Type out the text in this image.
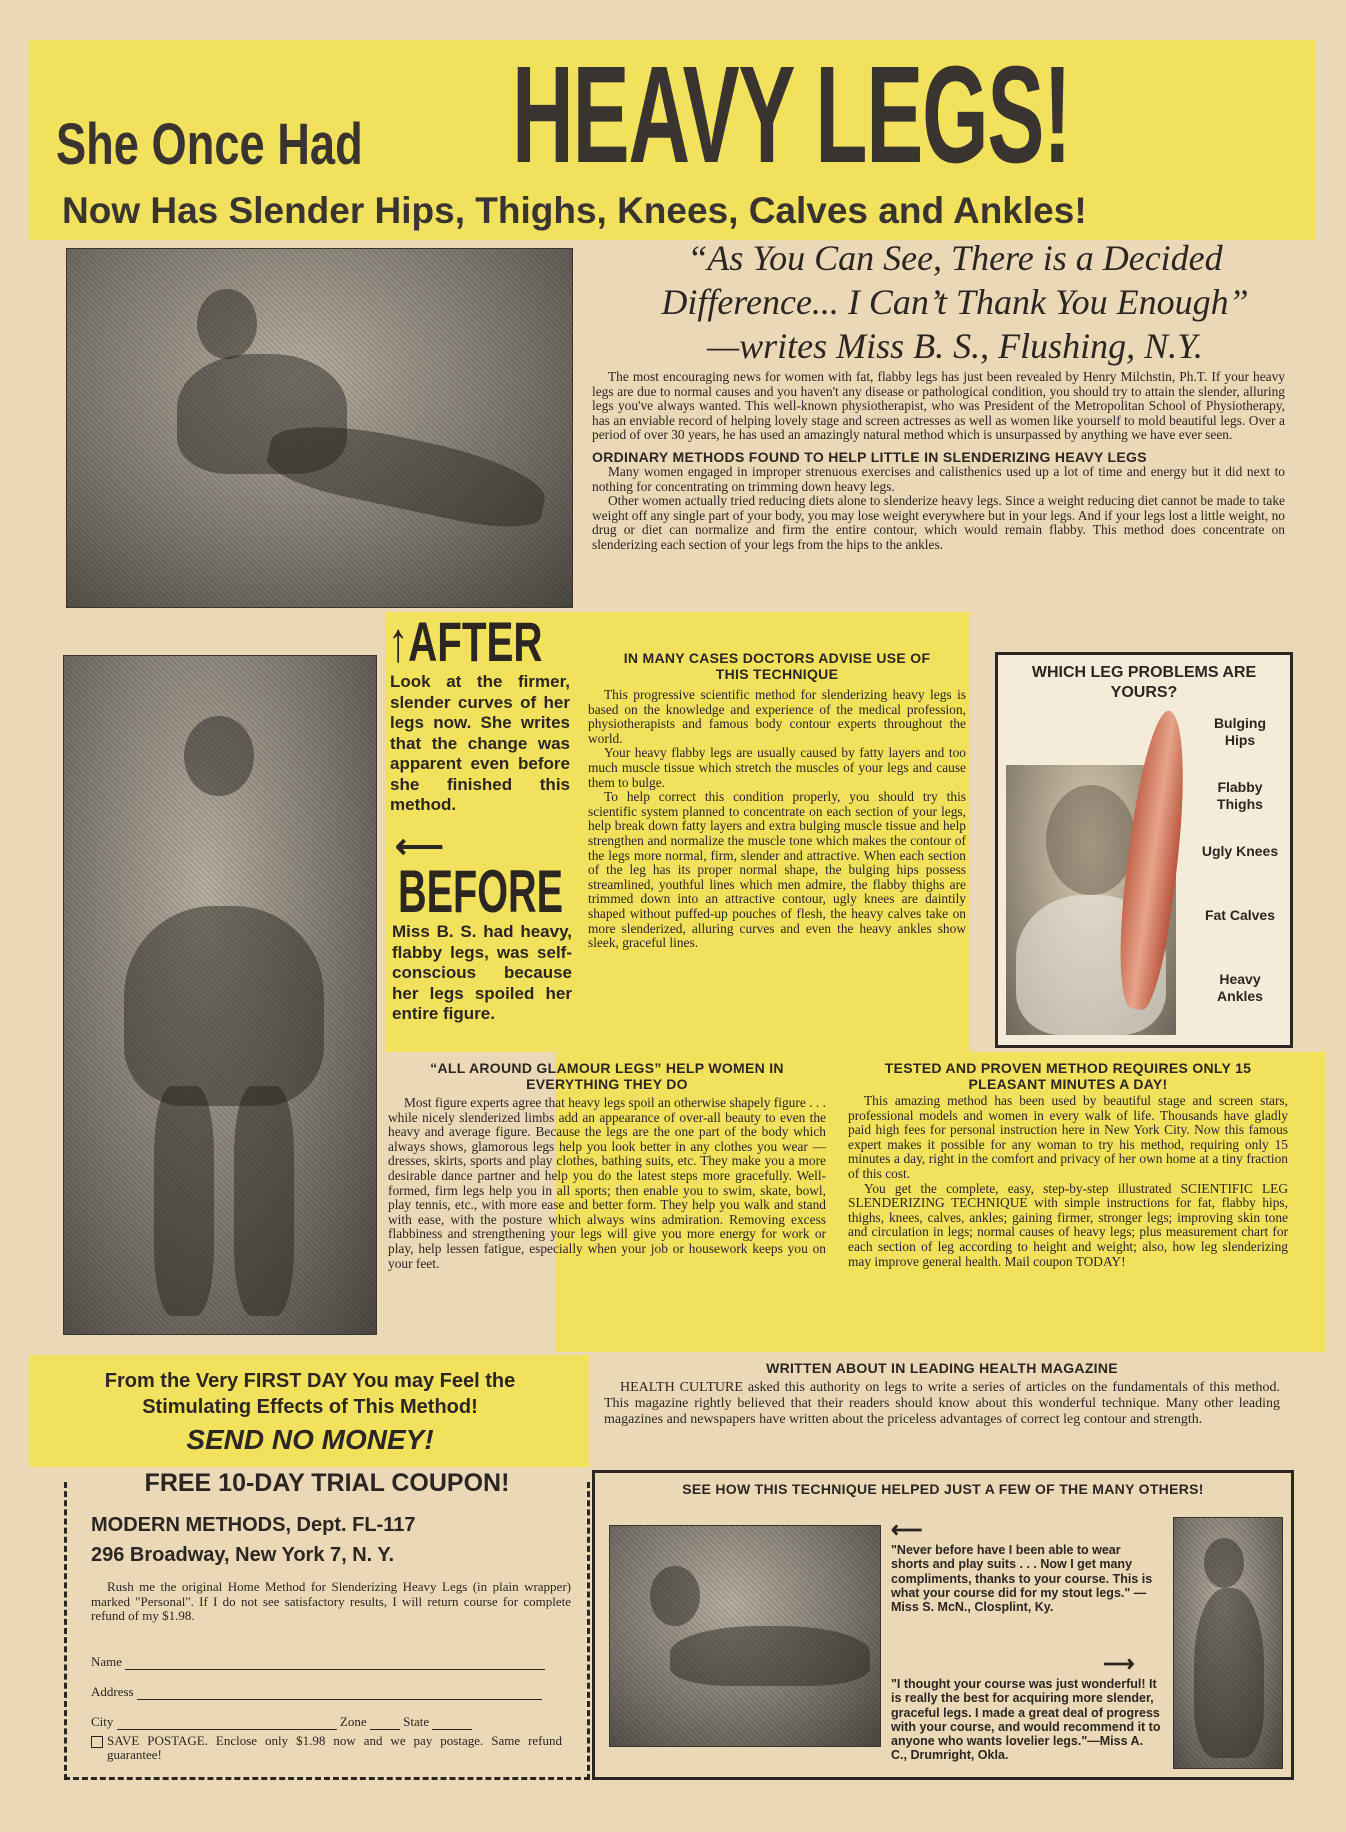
She Once Had HEAVY LEGS!
Now Has Slender Hips, Thighs, Knees, Calves and Ankles!
“As You Can See, There is a Decided
Difference... I Can’t Thank You Enough”
—writes Miss B. S., Flushing, N.Y.

The most encouraging news for women with fat, flabby legs has just been revealed by Henry Milchstin, Ph.T. If your heavy legs are due to normal causes and you haven't any disease or pathological condition, you should try to attain the slender, alluring legs you've always wanted. This well-known physiotherapist, who was President of the Metropolitan School of Physiotherapy, has an enviable record of helping lovely stage and screen actresses as well as women like yourself to mold beautiful legs. Over a period of over 30 years, he has used an amazingly natural method which is unsurpassed by anything we have ever seen.

ORDINARY METHODS FOUND TO HELP LITTLE IN SLENDERIZING HEAVY LEGS

Many women engaged in improper strenuous exercises and calisthenics used up a lot of time and energy but it did next to nothing for concentrating on trimming down heavy legs.

Other women actually tried reducing diets alone to slenderize heavy legs. Since a weight reducing diet cannot be made to take weight off any single part of your body, you may lose weight everywhere but in your legs. And if your legs lost a little weight, no drug or diet can normalize and firm the entire contour, which would remain flabby. This method does concentrate on slenderizing each section of your legs from the hips to the ankles.

↑AFTER
Look at the firmer, slender curves of her legs now. She writes that the change was apparent even before she finished this method.
⟵
BEFORE
Miss B. S. had heavy, flabby legs, was self-conscious because her legs spoiled her entire figure.

IN MANY CASES DOCTORS ADVISE USE OF THIS TECHNIQUE

This progressive scientific method for slenderizing heavy legs is based on the knowledge and experience of the medical profession, physiotherapists and famous body contour experts throughout the world.

Your heavy flabby legs are usually caused by fatty layers and too much muscle tissue which stretch the muscles of your legs and cause them to bulge.

To help correct this condition properly, you should try this scientific system planned to concentrate on each section of your legs, help break down fatty layers and extra bulging muscle tissue and help strengthen and normalize the muscle tone which makes the contour of the legs more normal, firm, slender and attractive. When each section of the leg has its proper normal shape, the bulging hips possess streamlined, youthful lines which men admire, the flabby thighs are trimmed down into an attractive contour, ugly knees are daintily shaped without puffed-up pouches of flesh, the heavy calves take on more slenderized, alluring curves and even the heavy ankles show sleek, graceful lines.

WHICH LEG PROBLEMS ARE YOURS?
Bulging Hips
Flabby Thighs
Ugly Knees
Fat Calves
Heavy Ankles

“ALL AROUND GLAMOUR LEGS” HELP WOMEN IN EVERYTHING THEY DO

Most figure experts agree that heavy legs spoil an otherwise shapely figure . . . while nicely slenderized limbs add an appearance of over-all beauty to even the heavy and average figure. Because the legs are the one part of the body which always shows, glamorous legs help you look better in any clothes you wear — dresses, skirts, sports and play clothes, bathing suits, etc. They make you a more desirable dance partner and help you do the latest steps more gracefully. Well-formed, firm legs help you in all sports; then enable you to swim, skate, bowl, play tennis, etc., with more ease and better form. They help you walk and stand with ease, with the posture which always wins admiration. Removing excess flabbiness and strengthening your legs will give you more energy for work or play, help lessen fatigue, especially when your job or housework keeps you on your feet.

TESTED AND PROVEN METHOD REQUIRES ONLY 15 PLEASANT MINUTES A DAY!

This amazing method has been used by beautiful stage and screen stars, professional models and women in every walk of life. Thousands have gladly paid high fees for personal instruction here in New York City. Now this famous expert makes it possible for any woman to try his method, requiring only 15 minutes a day, right in the comfort and privacy of her own home at a tiny fraction of this cost.

You get the complete, easy, step-by-step illustrated SCIENTIFIC LEG SLENDERIZING TECHNIQUE with simple instructions for fat, flabby hips, thighs, knees, calves, ankles; gaining firmer, stronger legs; improving skin tone and circulation in legs; normal causes of heavy legs; plus measurement chart for each section of leg according to height and weight; also, how leg slenderizing may improve general health. Mail coupon TODAY!

From the Very FIRST DAY You may Feel the
Stimulating Effects of This Method!
SEND NO MONEY!

WRITTEN ABOUT IN LEADING HEALTH MAGAZINE

HEALTH CULTURE asked this authority on legs to write a series of articles on the fundamentals of this method. This magazine rightly believed that their readers should know about this wonderful technique. Many other leading magazines and newspapers have written about the priceless advantages of correct leg contour and strength.

FREE 10-DAY TRIAL COUPON!
MODERN METHODS, Dept. FL-117
296 Broadway, New York 7, N. Y.

Rush me the original Home Method for Slenderizing Heavy Legs (in plain wrapper) marked "Personal". If I do not see satisfactory results, I will return course for complete refund of my $1.98.

Name
Address
City	Zone	State
SAVE POSTAGE. Enclose only $1.98 now and we pay postage. Same refund guarantee!
SEE HOW THIS TECHNIQUE HELPED JUST A FEW OF THE MANY OTHERS!
⟵

"Never before have I been able to wear shorts and play suits . . . Now I get many compliments, thanks to your course. This is what your course did for my stout legs." —Miss S. McN., Closplint, Ky.

⟶

"I thought your course was just wonderful! It is really the best for acquiring more slender, graceful legs. I made a great deal of progress with your course, and would recommend it to anyone who wants lovelier legs."—Miss A. C., Drumright, Okla.
